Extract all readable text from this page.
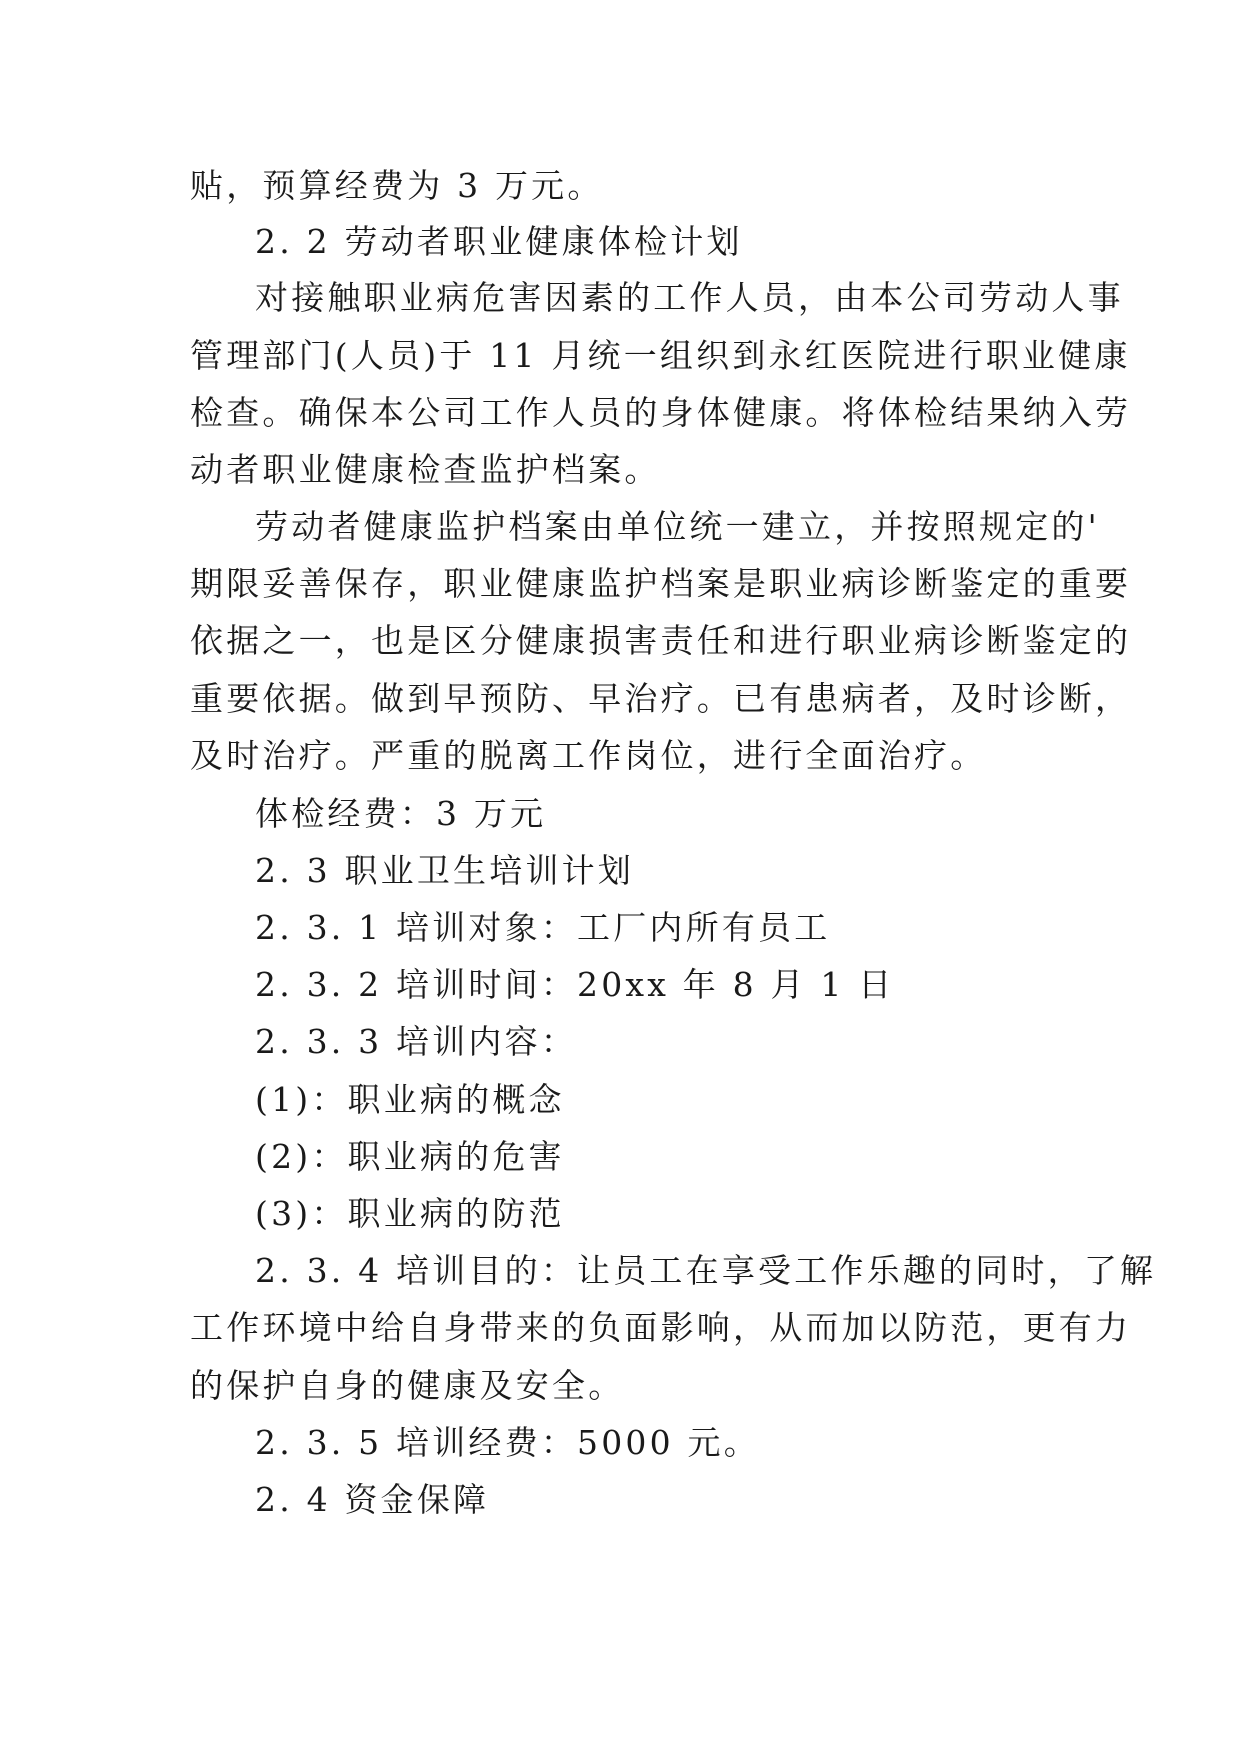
贴，预算经费为 3 万元。
2. 2 劳动者职业健康体检计划
对接触职业病危害因素的工作人员，由本公司劳动人事
管理部门(人员)于 11 月统一组织到永红医院进行职业健康
检查。确保本公司工作人员的身体健康。将体检结果纳入劳
动者职业健康检查监护档案。
劳动者健康监护档案由单位统一建立，并按照规定的'
期限妥善保存，职业健康监护档案是职业病诊断鉴定的重要
依据之一，也是区分健康损害责任和进行职业病诊断鉴定的
重要依据。做到早预防、早治疗。已有患病者，及时诊断，
及时治疗。严重的脱离工作岗位，进行全面治疗。
体检经费：3 万元
2. 3 职业卫生培训计划
2. 3. 1 培训对象：工厂内所有员工
2. 3. 2 培训时间：20xx 年 8 月 1 日
2. 3. 3 培训内容：
(1)：职业病的概念
(2)：职业病的危害
(3)：职业病的防范
2. 3. 4 培训目的：让员工在享受工作乐趣的同时，了解
工作环境中给自身带来的负面影响，从而加以防范，更有力
的保护自身的健康及安全。
2. 3. 5 培训经费：5000 元。
2. 4 资金保障
